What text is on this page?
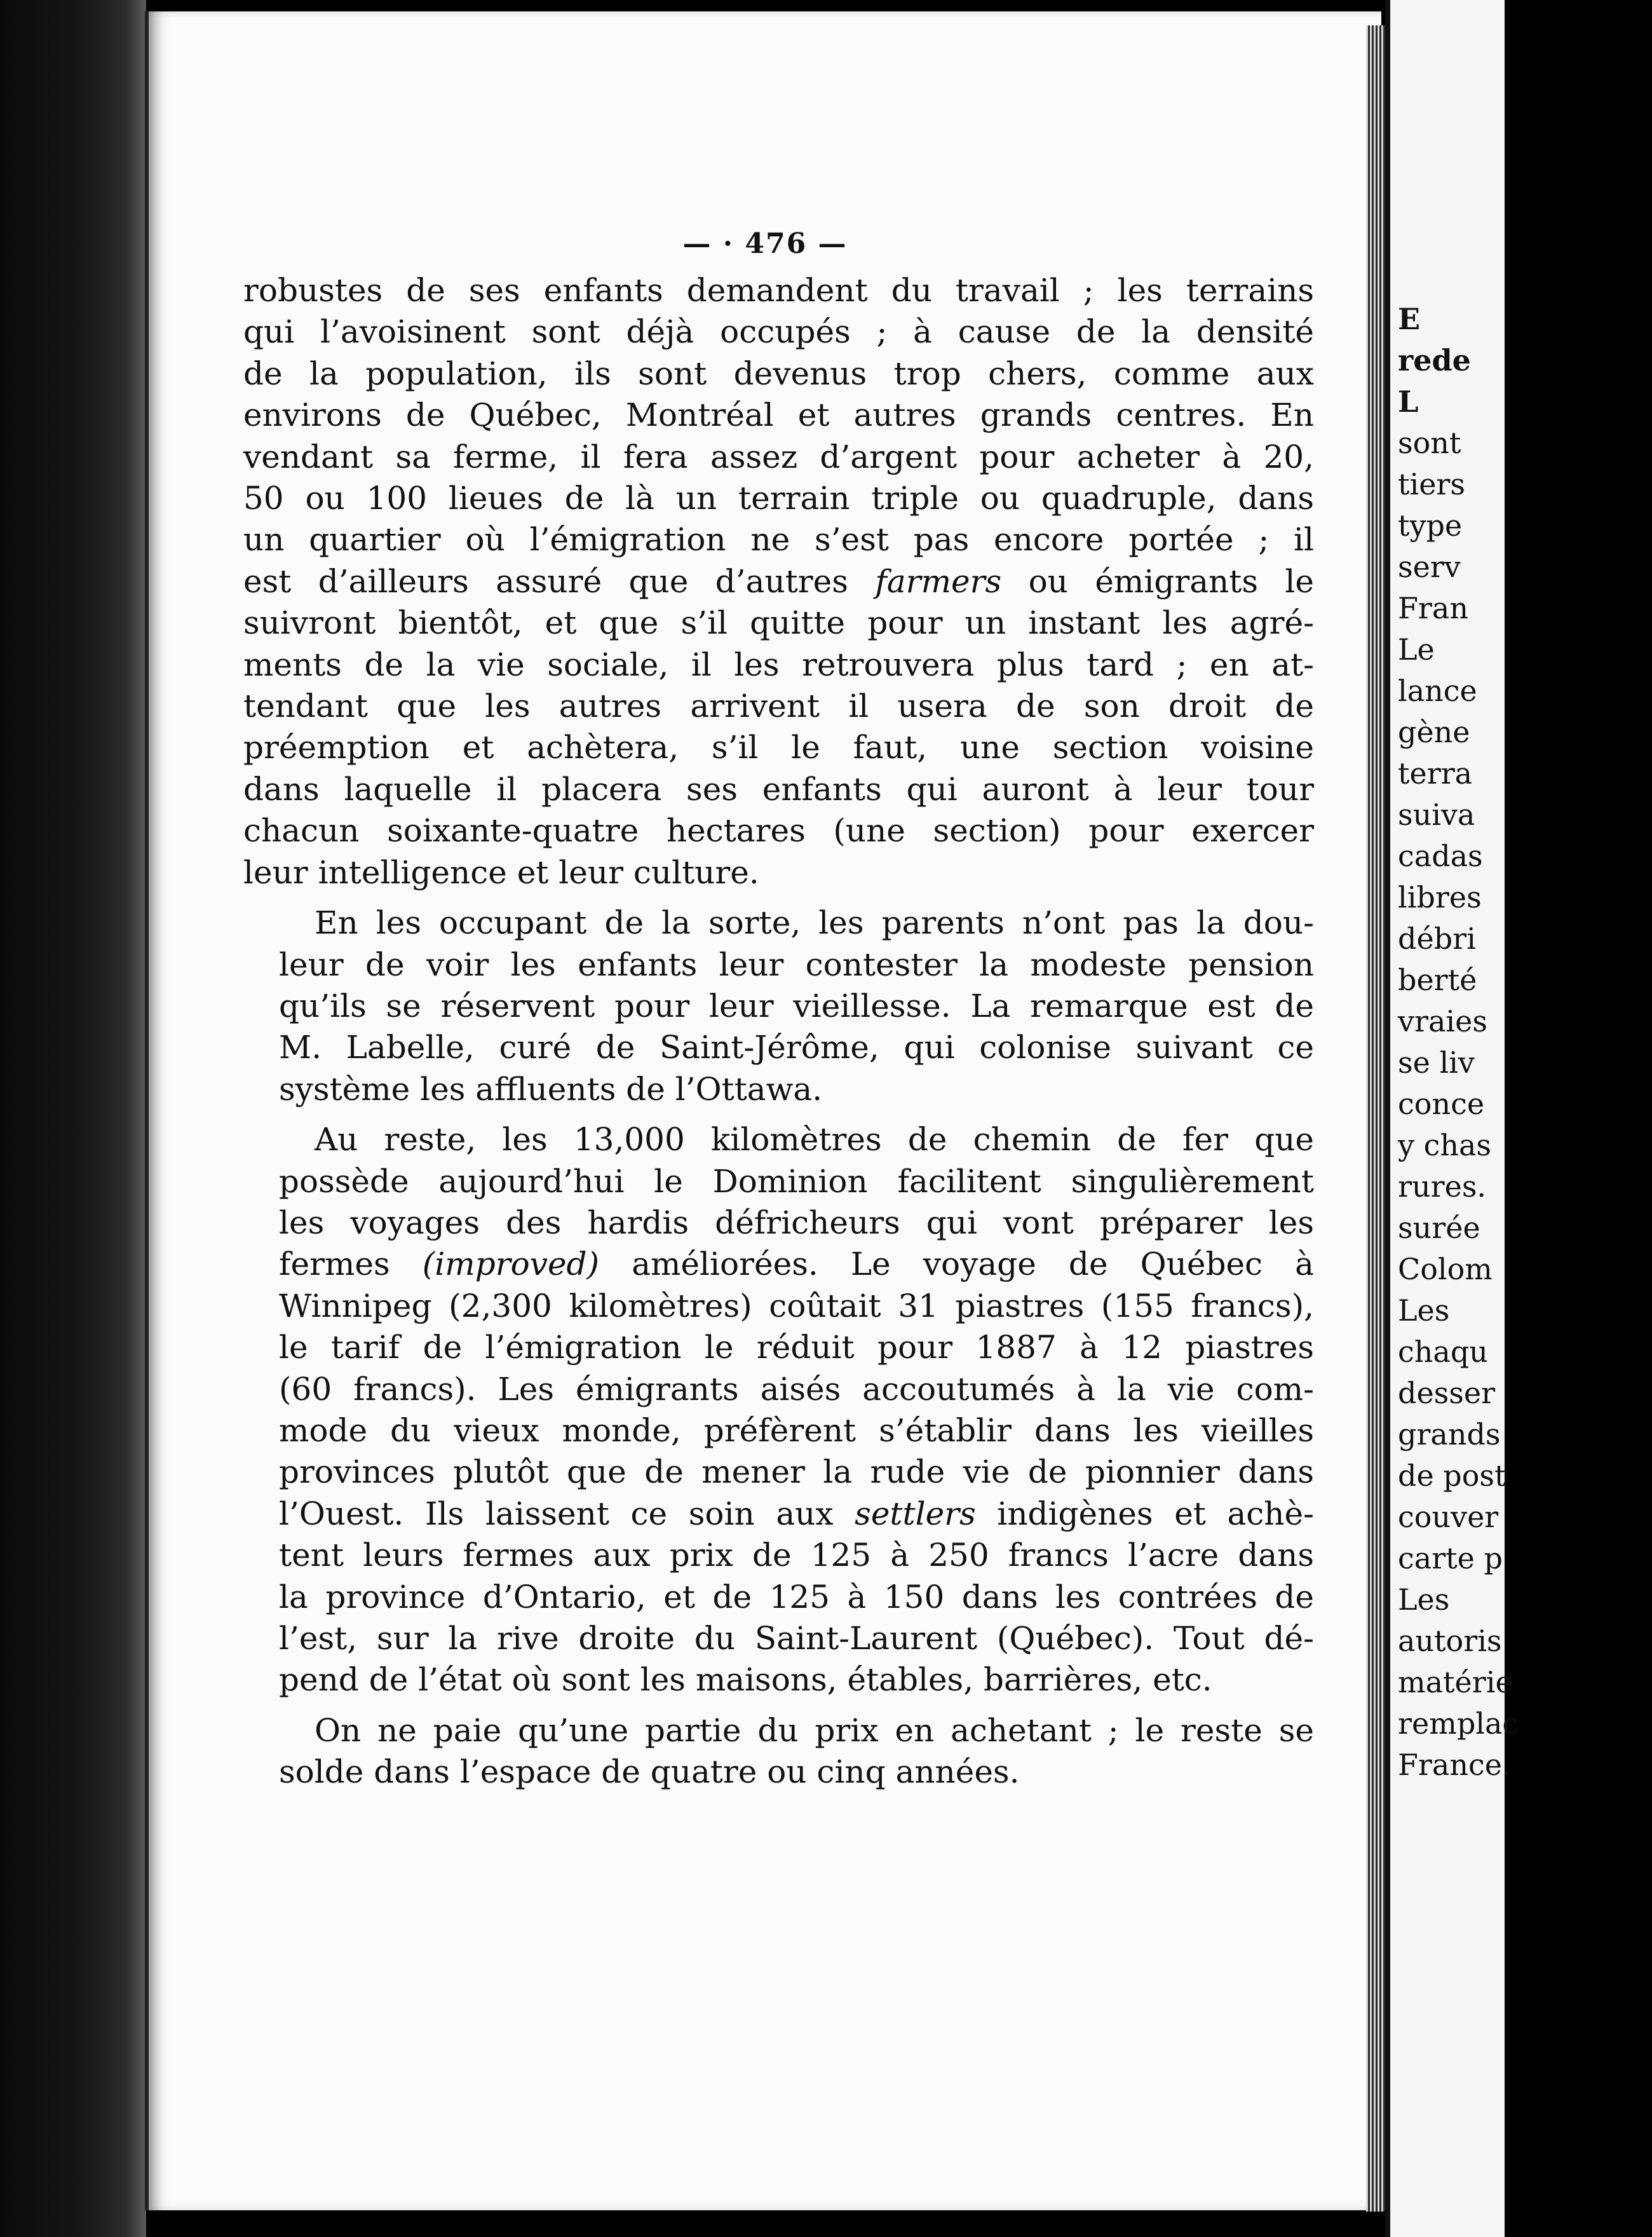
— · 476 —
robustes de ses enfants demandent du travail ; les terrains
qui l’avoisinent sont déjà occupés ; à cause de la densité
de la population, ils sont devenus trop chers, comme aux
environs de Québec, Montréal et autres grands centres. En
vendant sa ferme, il fera assez d’argent pour acheter à 20,
50 ou 100 lieues de là un terrain triple ou quadruple, dans
un quartier où l’émigration ne s’est pas encore portée ; il
est d’ailleurs assuré que d’autres farmers ou émigrants le
suivront bientôt, et que s’il quitte pour un instant les agré-
ments de la vie sociale, il les retrouvera plus tard ; en at-
tendant que les autres arrivent il usera de son droit de
préemption et achètera, s’il le faut, une section voisine
dans laquelle il placera ses enfants qui auront à leur tour
chacun soixante-quatre hectares (une section) pour exercer
leur intelligence et leur culture.
En les occupant de la sorte, les parents n’ont pas la dou-
leur de voir les enfants leur contester la modeste pension
qu’ils se réservent pour leur vieillesse. La remarque est de
M. Labelle, curé de Saint-Jérôme, qui colonise suivant ce
système les affluents de l’Ottawa.
Au reste, les 13,000 kilomètres de chemin de fer que
possède aujourd’hui le Dominion facilitent singulièrement
les voyages des hardis défricheurs qui vont préparer les
fermes (improved) améliorées. Le voyage de Québec à
Winnipeg (2,300 kilomètres) coûtait 31 piastres (155 francs),
le tarif de l’émigration le réduit pour 1887 à 12 piastres
(60 francs). Les émigrants aisés accoutumés à la vie com-
mode du vieux monde, préfèrent s’établir dans les vieilles
provinces plutôt que de mener la rude vie de pionnier dans
l’Ouest. Ils laissent ce soin aux settlers indigènes et achè-
tent leurs fermes aux prix de 125 à 250 francs l’acre dans
la province d’Ontario, et de 125 à 150 dans les contrées de
l’est, sur la rive droite du Saint-Laurent (Québec). Tout dé-
pend de l’état où sont les maisons, étables, barrières, etc.
On ne paie qu’une partie du prix en achetant ; le reste se
solde dans l’espace de quatre ou cinq années.
E
rede
L
sont
tiers
type
serv
Fran
Le
lance
gène
terra
suiva
cadas
libres
débri
berté
vraies
se liv
conce
y chas
rures.
surée
Colom
Les
chaqu
desser
grands
de post
couver
carte p
Les
autoris
matérie
remplac
France.
